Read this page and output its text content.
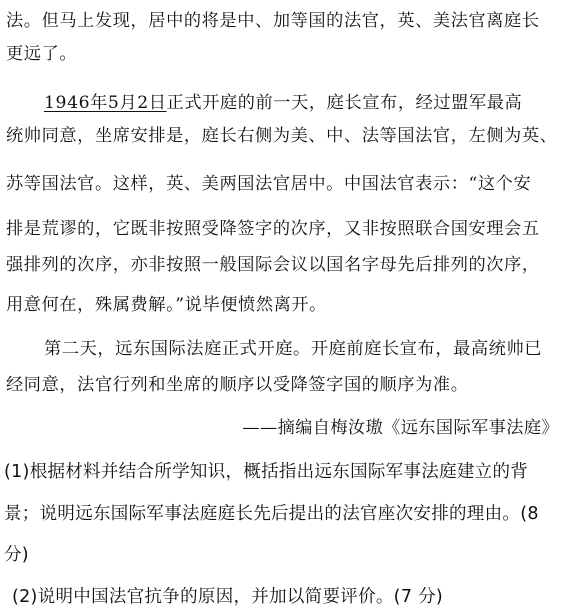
法。但马上发现，居中的将是中、加等国的法官，英、美法官离庭长
更远了。
1946年5月2日正式开庭的前一天，庭长宣布，经过盟军最高
统帅同意，坐席安排是，庭长右侧为美、中、法等国法官，左侧为英、
苏等国法官。这样，英、美两国法官居中。中国法官表示：“这个安
排是荒谬的，它既非按照受降签字的次序，又非按照联合国安理会五
强排列的次序，亦非按照一般国际会议以国名字母先后排列的次序，
用意何在，殊属费解。”说毕便愤然离开。
第二天，远东国际法庭正式开庭。开庭前庭长宣布，最高统帅已
经同意，法官行列和坐席的顺序以受降签字国的顺序为准。
——摘编自梅汝璈《远东国际军事法庭》
(1)根据材料并结合所学知识，概括指出远东国际军事法庭建立的背
景；说明远东国际军事法庭庭长先后提出的法官座次安排的理由。(8
分)
(2)说明中国法官抗争的原因，并加以简要评价。(7 分)
